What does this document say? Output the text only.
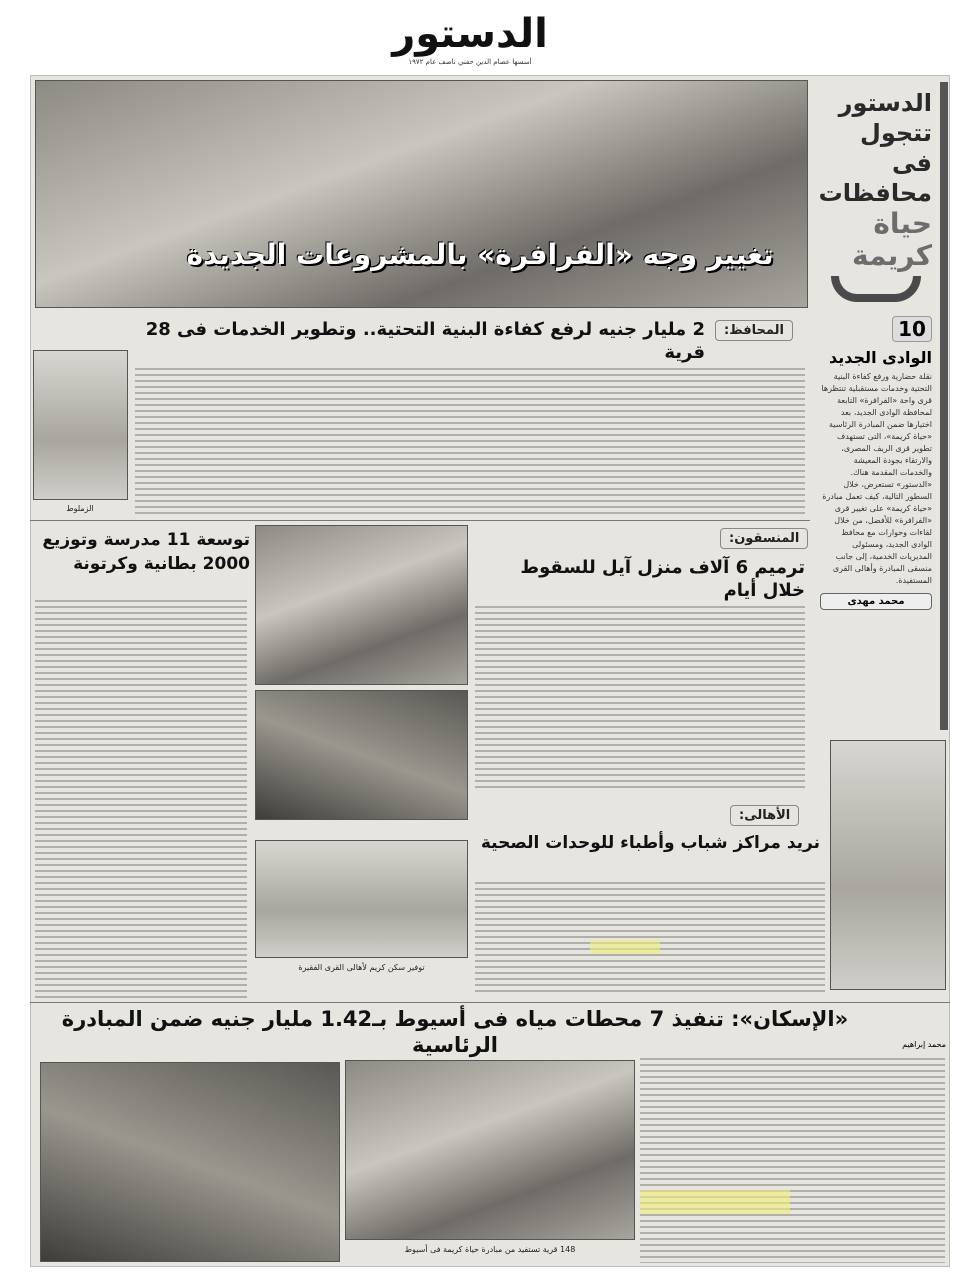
الدستور
أسسها عصام الدين حفني ناصف عام ١٩٧٢
تغيير وجه «الفرافرة» بالمشروعات الجديدة
الدستور
تتجول فى
محافظات
حياة
كريمة
10
الوادى الجديد
نقلة حضارية ورفع كفاءة البنية التحتية وخدمات مستقبلية تنتظرها قرى واحة «الفرافرة» التابعة لمحافظة الوادى الجديد، بعد اختيارها ضمن المبادرة الرئاسية «حياة كريمة»، التى تستهدف تطوير قرى الريف المصرى، والارتقاء بجودة المعيشة والخدمات المقدمة هناك. «الدستور» تستعرض، خلال السطور التالية، كيف تعمل مبادرة «حياة كريمة» على تغيير قرى «الفرافرة» للأفضل، من خلال لقاءات وحوارات مع محافظ الوادى الجديد، ومسئولى المديريات الخدمية، إلى جانب منسقى المبادرة وأهالى القرى المستفيدة.
محمد مهدى
المحافظ:
2 مليار جنيه لرفع كفاءة البنية التحتية.. وتطوير الخدمات فى 28 قرية
الزملوط
توسعة 11 مدرسة وتوزيع
2000 بطانية وكرتونة
توفير سكن كريم لأهالى القرى الفقيرة
المنسقون:
ترميم 6 آلاف منزل آيل للسقوط خلال أيام
الأهالى:
نريد مراكز شباب وأطباء للوحدات الصحية
«الإسكان»: تنفيذ 7 محطات مياه فى أسيوط بـ1.42 مليار جنيه ضمن المبادرة الرئاسية	محمد إبراهيم
148 قرية تستفيد من مبادرة حياة كريمة فى أسيوط
